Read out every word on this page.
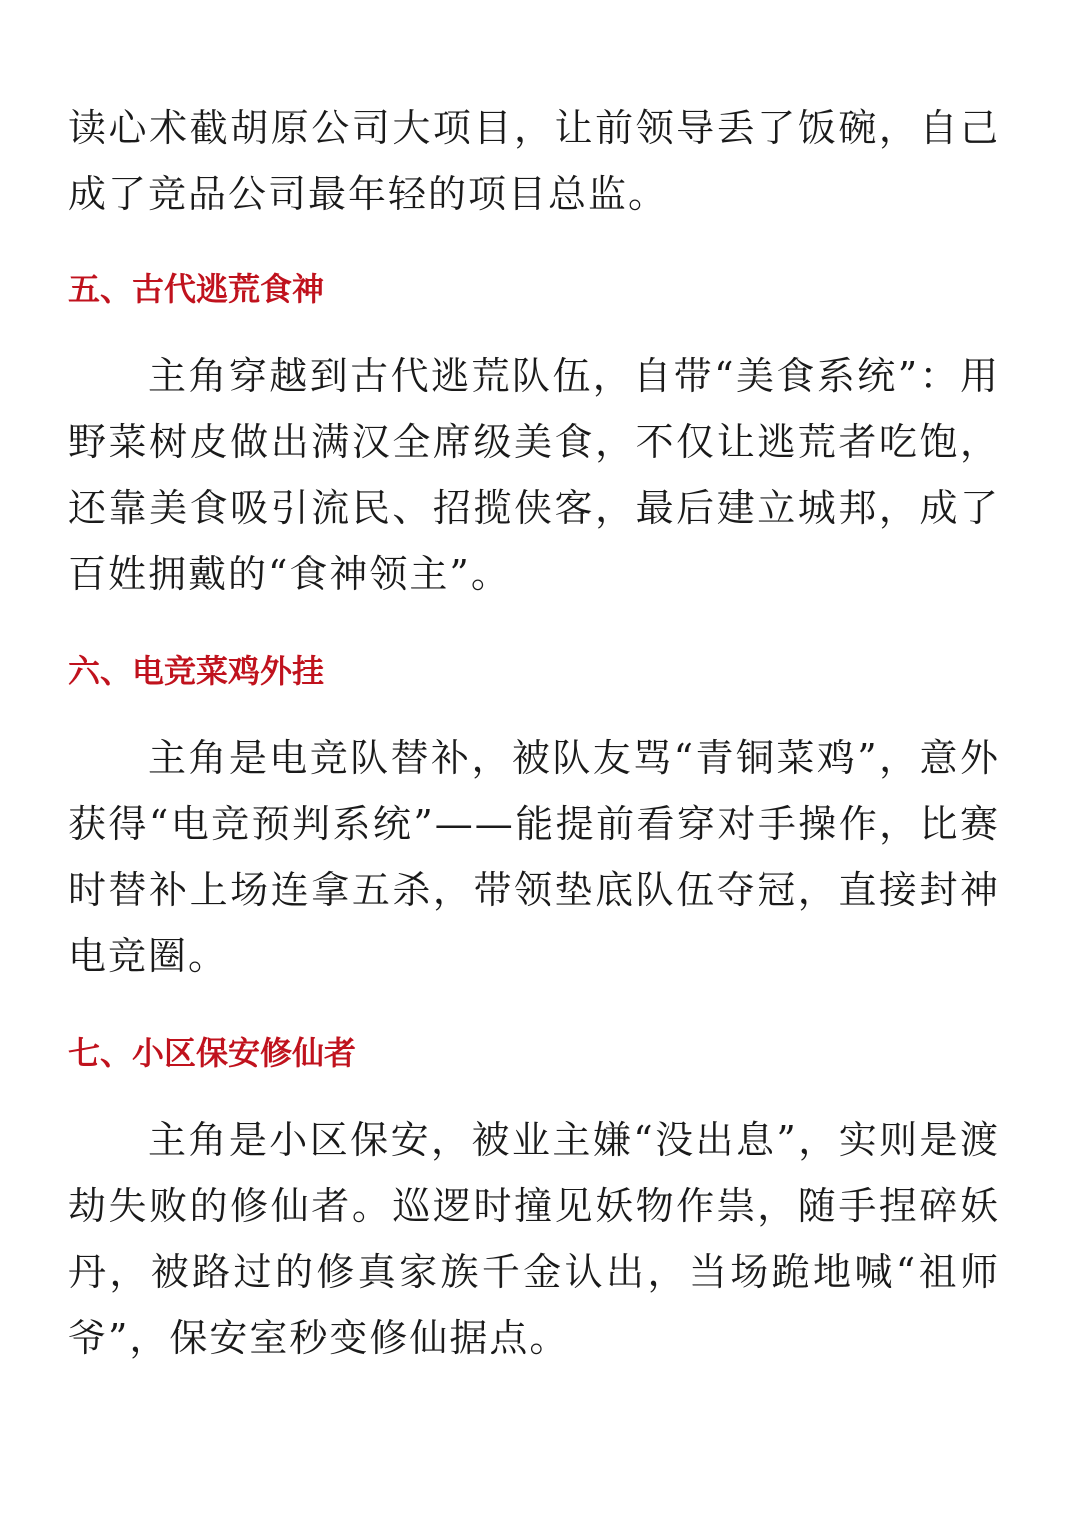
读心术截胡原公司大项目，让前领导丢了饭碗，自己成了竞品公司最年轻的项目总监。

五、古代逃荒食神

主角穿越到古代逃荒队伍，自带“美食系统”：用野菜树皮做出满汉全席级美食，不仅让逃荒者吃饱，还靠美食吸引流民、招揽侠客，最后建立城邦，成了百姓拥戴的“食神领主”。

六、电竞菜鸡外挂

主角是电竞队替补，被队友骂“青铜菜鸡”，意外获得“电竞预判系统”——能提前看穿对手操作，比赛时替补上场连拿五杀，带领垫底队伍夺冠，直接封神电竞圈。

七、小区保安修仙者

主角是小区保安，被业主嫌“没出息”，实则是渡劫失败的修仙者。巡逻时撞见妖物作祟，随手捏碎妖丹，被路过的修真家族千金认出，当场跪地喊“祖师爷”，保安室秒变修仙据点。
